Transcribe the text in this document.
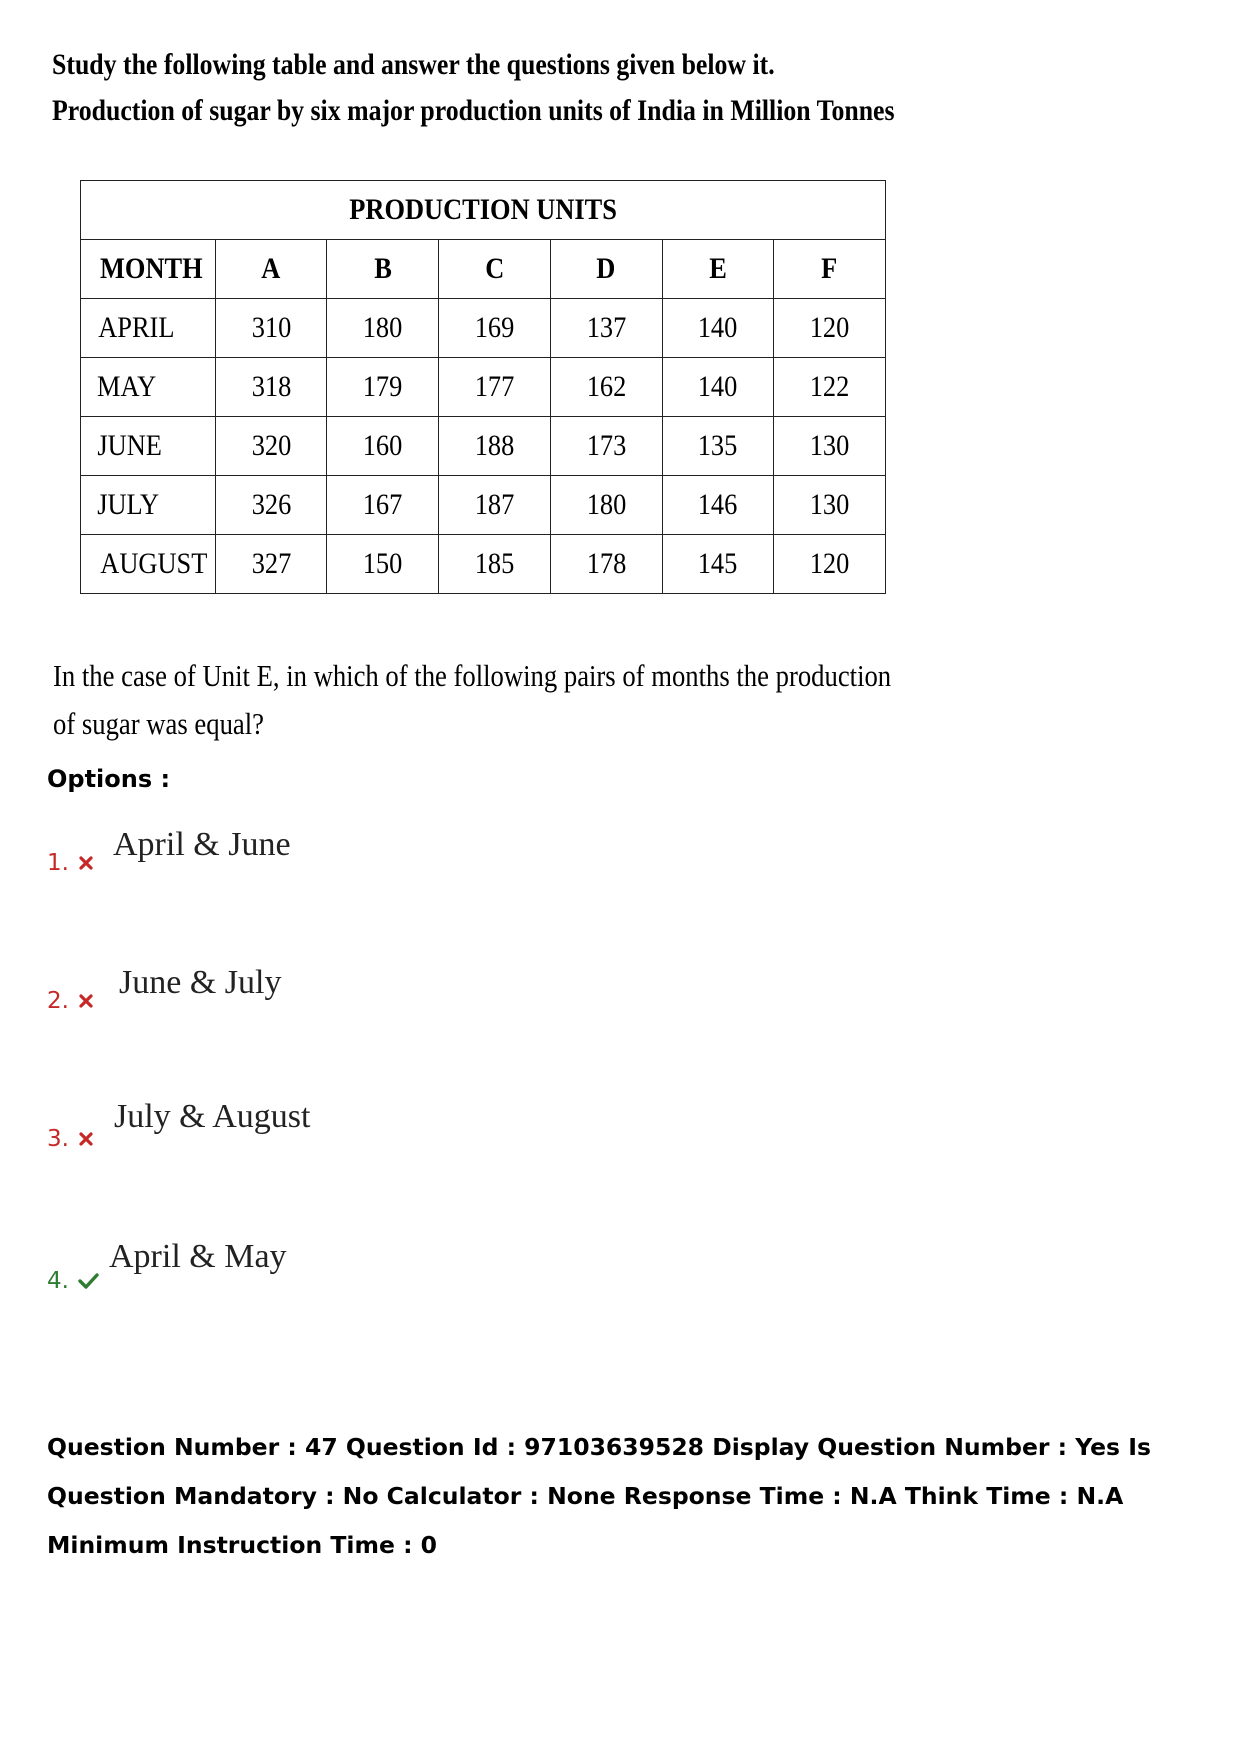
Study the following table and answer the questions given below it.
Production of sugar by six major production units of India in Million Tonnes
PRODUCTION UNITS						
MONTH	A	B	C	D	E	F
APRIL	310	180	169	137	140	120
MAY	318	179	177	162	140	122
JUNE	320	160	188	173	135	130
JULY	326	167	187	180	146	130
AUGUST	327	150	185	178	145	120
In the case of Unit E, in which of the following pairs of months the production
of sugar was equal?
Options :
1. April & June
2. June & July
3.
July & August
4.
April & May
Question Number : 47 Question Id : 97103639528 Display Question Number : Yes Is Question Mandatory : No Calculator : None Response Time : N.A Think Time : N.A Minimum Instruction Time : 0
